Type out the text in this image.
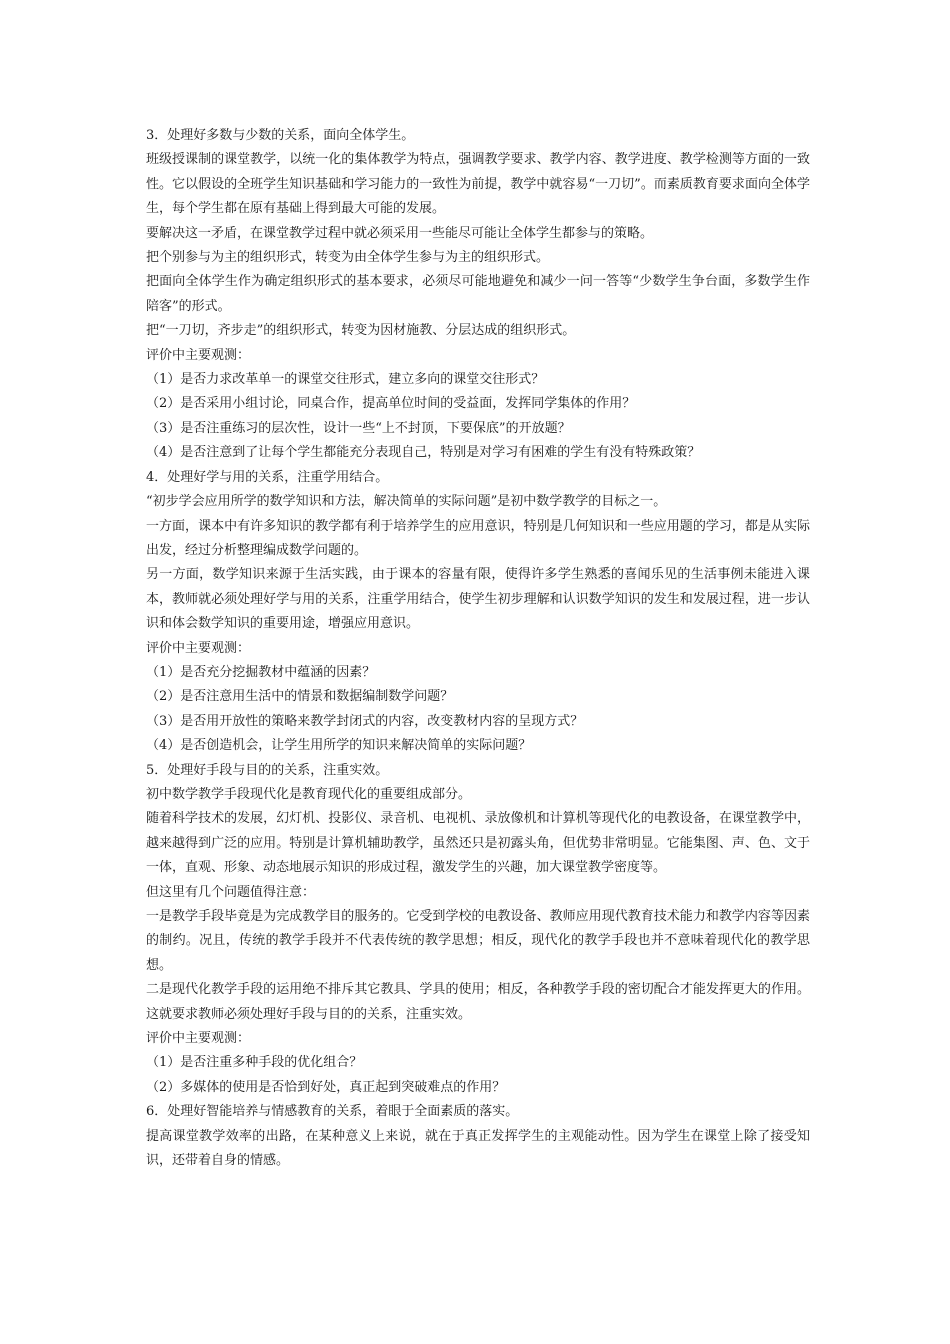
3．处理好多数与少数的关系，面向全体学生。

班级授课制的课堂教学，以统一化的集体教学为特点，强调教学要求、教学内容、教学进度、教学检测等方面的一致性。它以假设的全班学生知识基础和学习能力的一致性为前提，教学中就容易“一刀切”。而素质教育要求面向全体学生，每个学生都在原有基础上得到最大可能的发展。

要解决这一矛盾，在课堂教学过程中就必须采用一些能尽可能让全体学生都参与的策略。

把个别参与为主的组织形式，转变为由全体学生参与为主的组织形式。

把面向全体学生作为确定组织形式的基本要求，必须尽可能地避免和减少一问一答等“少数学生争台面，多数学生作陪客”的形式。

把“一刀切，齐步走”的组织形式，转变为因材施教、分层达成的组织形式。

评价中主要观测：

（1）是否力求改革单一的课堂交往形式，建立多向的课堂交往形式？

（2）是否采用小组讨论，同桌合作，提高单位时间的受益面，发挥同学集体的作用？

（3）是否注重练习的层次性，设计一些“上不封顶，下要保底”的开放题？

（4）是否注意到了让每个学生都能充分表现自己，特别是对学习有困难的学生有没有特殊政策？

4．处理好学与用的关系，注重学用结合。

“初步学会应用所学的数学知识和方法，解决简单的实际问题”是初中数学教学的目标之一。

一方面，课本中有许多知识的教学都有利于培养学生的应用意识，特别是几何知识和一些应用题的学习，都是从实际出发，经过分析整理编成数学问题的。

另一方面，数学知识来源于生活实践，由于课本的容量有限，使得许多学生熟悉的喜闻乐见的生活事例未能进入课本，教师就必须处理好学与用的关系，注重学用结合，使学生初步理解和认识数学知识的发生和发展过程，进一步认识和体会数学知识的重要用途，增强应用意识。

评价中主要观测：

（1）是否充分挖掘教材中蕴涵的因素？

（2）是否注意用生活中的情景和数据编制数学问题？

（3）是否用开放性的策略来教学封闭式的内容，改变教材内容的呈现方式？

（4）是否创造机会，让学生用所学的知识来解决简单的实际问题？

5．处理好手段与目的的关系，注重实效。

初中数学教学手段现代化是教育现代化的重要组成部分。

随着科学技术的发展，幻灯机、投影仪、录音机、电视机、录放像机和计算机等现代化的电教设备，在课堂教学中，越来越得到广泛的应用。特别是计算机辅助教学，虽然还只是初露头角，但优势非常明显。它能集图、声、色、文于一体，直观、形象、动态地展示知识的形成过程，激发学生的兴趣，加大课堂教学密度等。

但这里有几个问题值得注意：

一是教学手段毕竟是为完成教学目的服务的。它受到学校的电教设备、教师应用现代教育技术能力和教学内容等因素的制约。况且，传统的教学手段并不代表传统的教学思想；相反，现代化的教学手段也并不意味着现代化的教学思想。

二是现代化教学手段的运用绝不排斥其它教具、学具的使用；相反，各种教学手段的密切配合才能发挥更大的作用。这就要求教师必须处理好手段与目的的关系，注重实效。

评价中主要观测：

（1）是否注重多种手段的优化组合？

（2）多媒体的使用是否恰到好处，真正起到突破难点的作用？

6．处理好智能培养与情感教育的关系，着眼于全面素质的落实。

提高课堂教学效率的出路，在某种意义上来说，就在于真正发挥学生的主观能动性。因为学生在课堂上除了接受知识，还带着自身的情感。
